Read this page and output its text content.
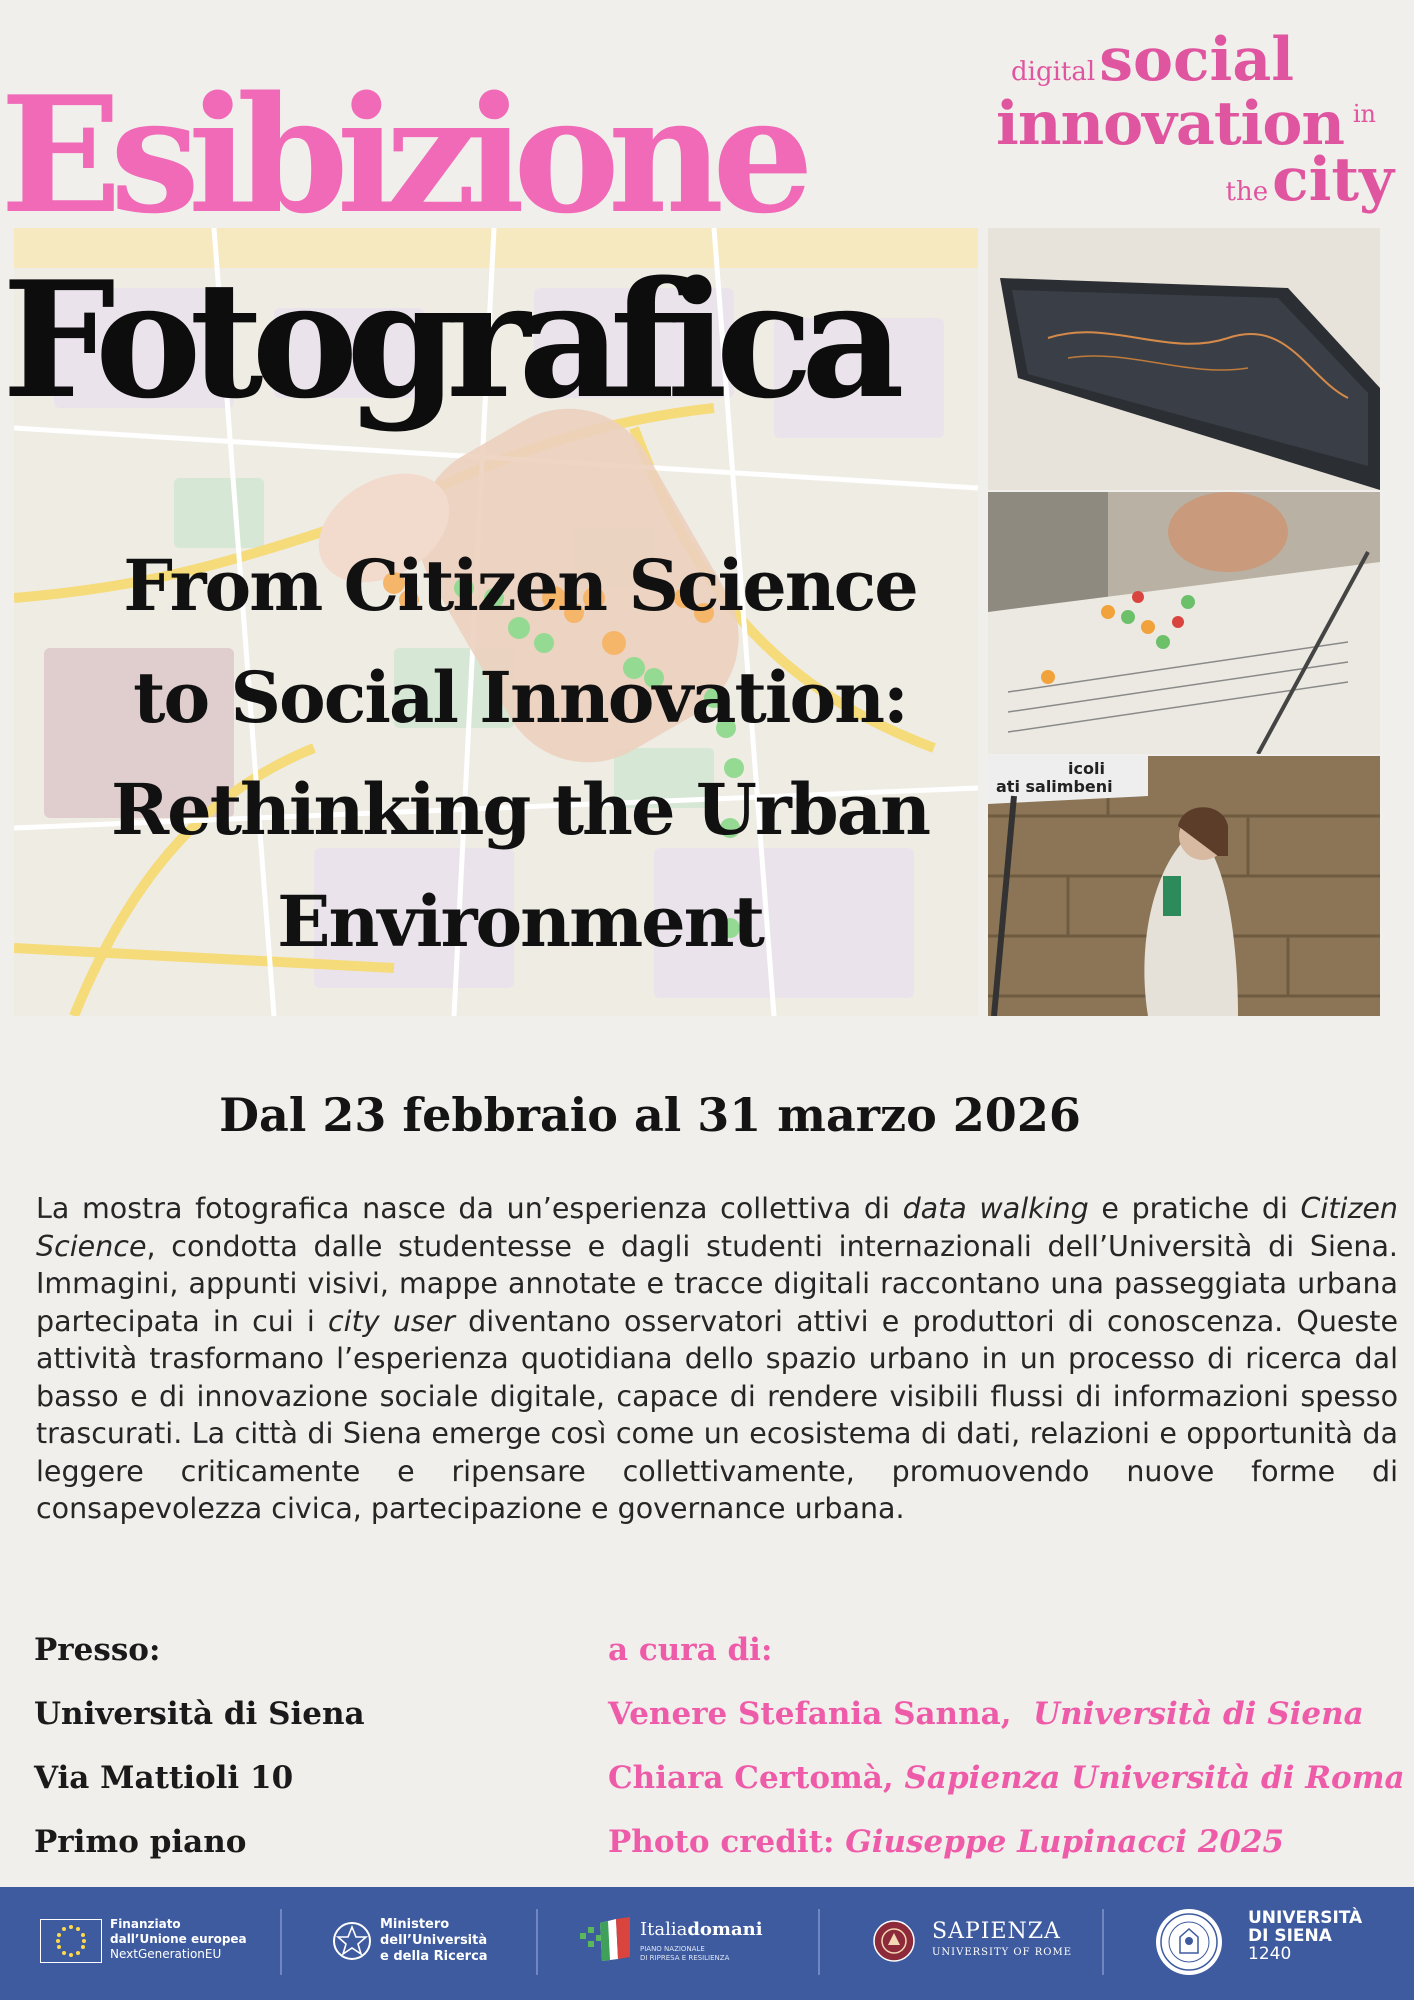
Esibizione
Fotografica
digitalsocial
innovation in
thecity
From Citizen Science
to Social Innovation:
Rethinking the Urban
Environment
icoli
ati salimbeni
Dal 23 febbraio al 31 marzo 2026
La mostra fotografica nasce da un’esperienza collettiva di data walking e pratiche di Citizen Science, condotta dalle studentesse e dagli studenti internazionali dell’Università di Siena. Immagini, appunti visivi, mappe annotate e tracce digitali raccontano una passeggiata urbana partecipata in cui i city user diventano osservatori attivi e produttori di conoscenza. Queste attività trasformano l’esperienza quotidiana dello spazio urbano in un processo di ricerca dal basso e di innovazione sociale digitale, capace di rendere visibili flussi di informazioni spesso trascurati. La città di Siena emerge così come un ecosistema di dati, relazioni e opportunità da leggere criticamente e ripensare collettivamente, promuovendo nuove forme di consapevolezza civica, partecipazione e governance urbana.
Presso:
Università di Siena
Via Mattioli 10
Primo piano
a cura di:
Venere Stefania Sanna, Università di Siena
Chiara Certomà, Sapienza Università di Roma
Photo credit: Giuseppe Lupinacci 2025
Finanziato
dall’Unione europea
NextGenerationEU
Ministero
dell’Università
e della Ricerca
Italiadomani
PIANO NAZIONALE
DI RIPRESA E RESILIENZA
SAPIENZA
UNIVERSITY OF ROME
UNIVERSITÀ
DI SIENA
1240
